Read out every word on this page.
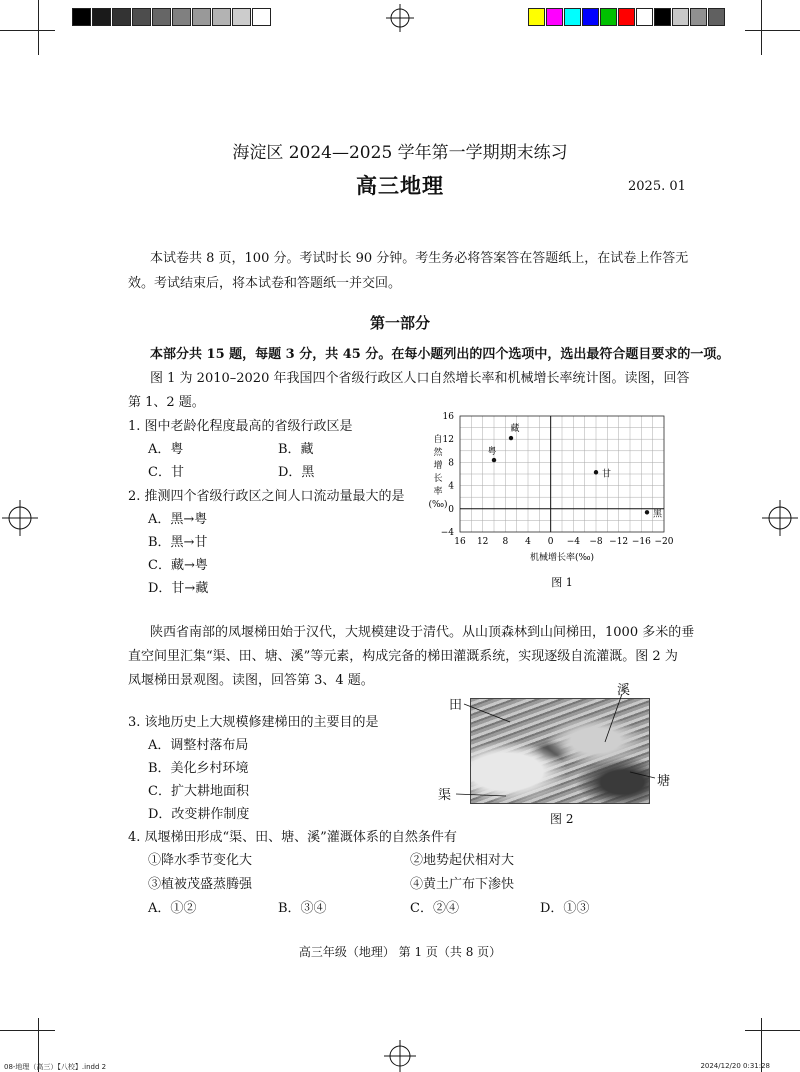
海淀区 2024—2025 学年第一学期期末练习
高三地理	2025. 01
本试卷共 8 页，100 分。考试时长 90 分钟。考生务必将答案答在答题纸上，在试卷上作答无
效。考试结束后，将本试卷和答题纸一并交回。
第一部分
本部分共 15 题，每题 3 分，共 45 分。在每小题列出的四个选项中，选出最符合题目要求的一项。
图 1 为 2010–2020 年我国四个省级行政区人口自然增长率和机械增长率统计图。读图，回答
第 1、2 题。
1. 图中老龄化程度最高的省级行政区是
A．粤	B．藏
C．甘	D．黑
2. 推测四个省级行政区之间人口流动量最大的是
A．黑→粤
B．黑→甘
C．藏→粤
D．甘→藏
16
12
8
4
0
−4
16 12 8 4 0 −4 −8 −12 −16 −20
机械增长率(‰)
自
然
增
长
率
(‰)
粤
藏
甘
黑
图 1
陕西省南部的凤堰梯田始于汉代，大规模建设于清代。从山顶森林到山间梯田，1000 多米的垂
直空间里汇集“渠、田、塘、溪”等元素，构成完备的梯田灌溉系统，实现逐级自流灌溉。图 2 为
凤堰梯田景观图。读图，回答第 3、4 题。
田
溪
塘
渠
图 2
3. 该地历史上大规模修建梯田的主要目的是
A．调整村落布局
B．美化乡村环境
C．扩大耕地面积
D．改变耕作制度
4. 凤堰梯田形成“渠、田、塘、溪”灌溉体系的自然条件有
①降水季节变化大	②地势起伏相对大
③植被茂盛蒸腾强	④黄土广布下渗快
A．①②	B．③④	C．②④	D．①③
高三年级（地理） 第 1 页（共 8 页）
08-地理（高三）【八校】.indd 2	2024/12/20 0:31:28
